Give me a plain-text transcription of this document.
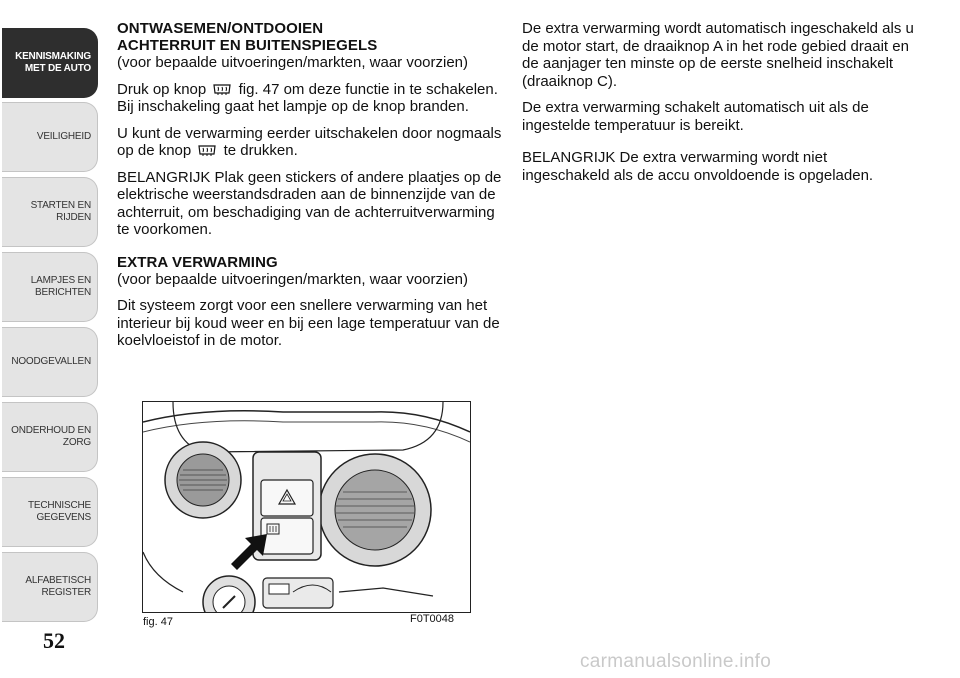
KENNISMAKING
MET DE AUTO
VEILIGHEID
STARTEN EN RIJDEN
LAMPJES EN
BERICHTEN
NOODGEVALLEN
ONDERHOUD EN
ZORG
TECHNISCHE
GEGEVENS
ALFABETISCH
REGISTER
52
ONTWASEMEN/ONTDOOIEN
ACHTERRUIT EN BUITENSPIEGELS

(voor bepaalde uitvoeringen/markten, waar voorzien)

Druk op knop fig. 47 om deze functie in te schakelen. Bij inschakeling gaat het lampje op de knop branden.

U kunt de verwarming eerder uitschakelen door nogmaals op de knop te drukken.

BELANGRIJK Plak geen stickers of andere plaatjes op de elektrische weerstandsdraden aan de binnenzijde van de achterruit, om beschadiging van de achterruitverwarming te voorkomen.

EXTRA VERWARMING

(voor bepaalde uitvoeringen/markten, waar voorzien)

Dit systeem zorgt voor een snellere verwarming van het interieur bij koud weer en bij een lage temperatuur van de koelvloeistof in de motor.

De extra verwarming wordt automatisch ingeschakeld als u de motor start, de draaiknop A in het rode gebied draait en de aanjager ten minste op de eerste snelheid inschakelt (draaiknop C).

De extra verwarming schakelt automatisch uit als de ingestelde temperatuur is bereikt.

BELANGRIJK De extra verwarming wordt niet ingeschakeld als de accu onvoldoende is opgeladen.

fig. 47	F0T0048
carmanualsonline.info
